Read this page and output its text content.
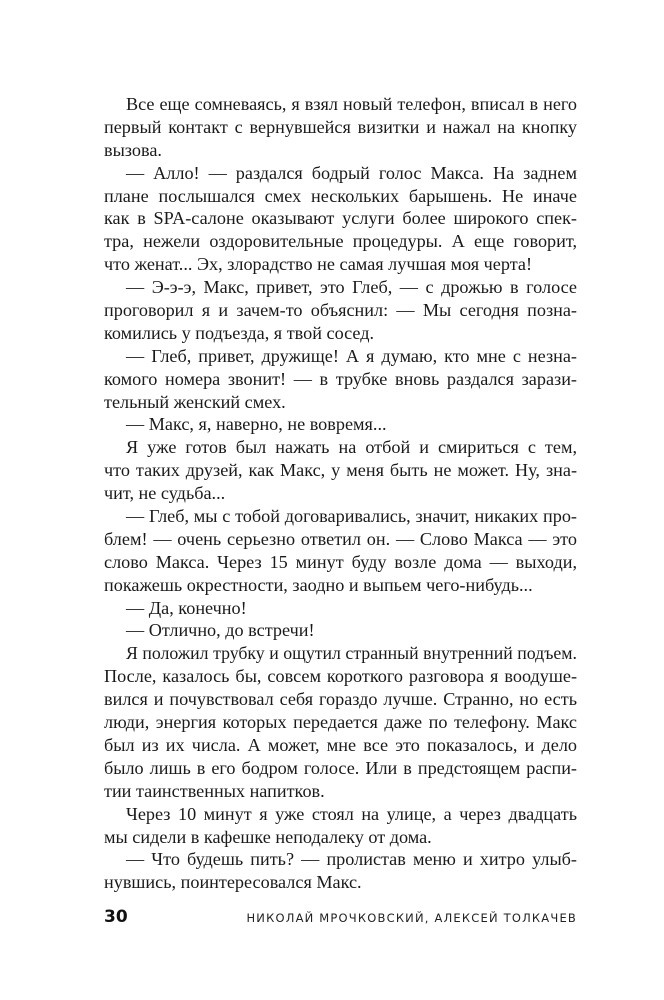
Все еще сомневаясь, я взял новый телефон, вписал в него
первый контакт с вернувшейся визитки и нажал на кнопку
вызова.
— Алло! — раздался бодрый голос Макса. На заднем
плане послышался смех нескольких барышень. Не иначе
как в SPA-салоне оказывают услуги более широкого спек-
тра, нежели оздоровительные процедуры. А еще говорит,
что женат... Эх, злорадство не самая лучшая моя черта!
— Э-э-э, Макс, привет, это Глеб, — с дрожью в голосе
проговорил я и зачем-то объяснил: — Мы сегодня позна-
комились у подъезда, я твой сосед.
— Глеб, привет, дружище! А я думаю, кто мне с незна-
комого номера звонит! — в трубке вновь раздался зарази-
тельный женский смех.
— Макс, я, наверно, не вовремя...
Я уже готов был нажать на отбой и смириться с тем,
что таких друзей, как Макс, у меня быть не может. Ну, зна-
чит, не судьба...
— Глеб, мы с тобой договаривались, значит, никаких про-
блем! — очень серьезно ответил он. — Слово Макса — это
слово Макса. Через 15 минут буду возле дома — выходи,
покажешь окрестности, заодно и выпьем чего-нибудь...
— Да, конечно!
— Отлично, до встречи!
Я положил трубку и ощутил странный внутренний подъем.
После, казалось бы, совсем короткого разговора я воодуше-
вился и почувствовал себя гораздо лучше. Странно, но есть
люди, энергия которых передается даже по телефону. Макс
был из их числа. А может, мне все это показалось, и дело
было лишь в его бодром голосе. Или в предстоящем распи-
тии таинственных напитков.
Через 10 минут я уже стоял на улице, а через двадцать
мы сидели в кафешке неподалеку от дома.
— Что будешь пить? — пролистав меню и хитро улыб-
нувшись, поинтересовался Макс.
30	НИКОЛАЙ МРОЧКОВСКИЙ, АЛЕКСЕЙ ТОЛКАЧЕВ
